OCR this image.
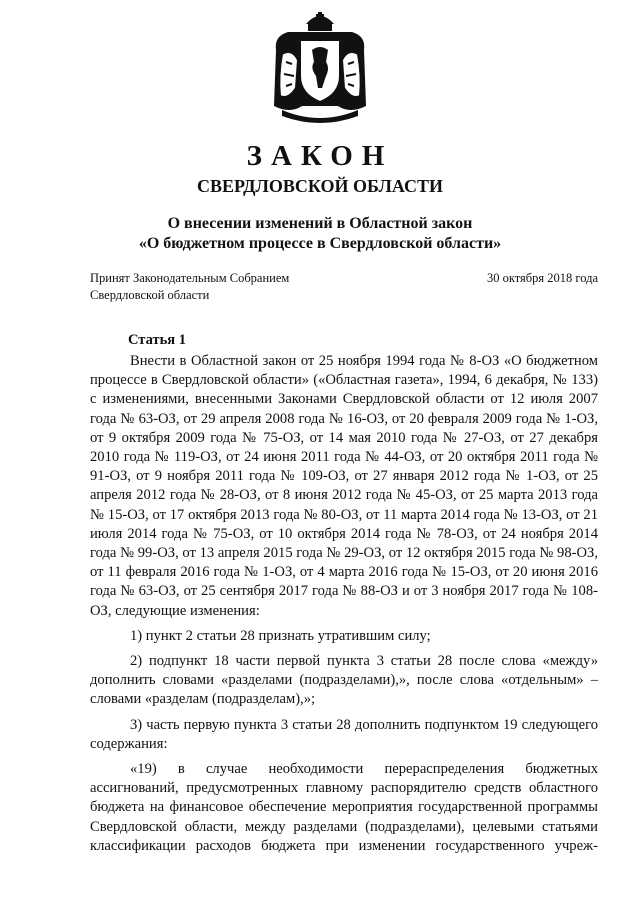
ЗАКОН
СВЕРДЛОВСКОЙ ОБЛАСТИ
О внесении изменений в Областной закон
«О бюджетном процессе в Свердловской области»
Принят Законодательным Собранием
Свердловской области
30 октября 2018 года
Статья 1

Внести в Областной закон от 25 ноября 1994 года № 8-ОЗ «О бюджетном процессе в Свердловской области» («Областная газета», 1994, 6 декабря, № 133) с изменениями, внесенными Законами Свердловской области от 12 июля 2007 года № 63-ОЗ, от 29 апреля 2008 года № 16-ОЗ, от 20 февраля 2009 года № 1-ОЗ, от 9 октября 2009 года № 75-ОЗ, от 14 мая 2010 года № 27-ОЗ, от 27 декабря 2010 года № 119-ОЗ, от 24 июня 2011 года № 44-ОЗ, от 20 октября 2011 года № 91-ОЗ, от 9 ноября 2011 года № 109-ОЗ, от 27 января 2012 года № 1-ОЗ, от 25 апреля 2012 года № 28-ОЗ, от 8 июня 2012 года № 45-ОЗ, от 25 марта 2013 года № 15-ОЗ, от 17 октября 2013 года № 80-ОЗ, от 11 марта 2014 года № 13-ОЗ, от 21 июля 2014 года № 75-ОЗ, от 10 октября 2014 года № 78-ОЗ, от 24 ноября 2014 года № 99-ОЗ, от 13 апреля 2015 года № 29-ОЗ, от 12 октября 2015 года № 98-ОЗ, от 11 февраля 2016 года № 1-ОЗ, от 4 марта 2016 года № 15-ОЗ, от 20 июня 2016 года № 63-ОЗ, от 25 сентября 2017 года № 88-ОЗ и от 3 ноября 2017 года № 108-ОЗ, следующие изменения:

1) пункт 2 статьи 28 признать утратившим силу;

2) подпункт 18 части первой пункта 3 статьи 28 после слова «между» дополнить словами «разделами (подразделами),», после слова «отдельным» – словами «разделам (подразделам),»;

3) часть первую пункта 3 статьи 28 дополнить подпунктом 19 следующего содержания:

«19) в случае необходимости перераспределения бюджетных ассигнований, предусмотренных главному распорядителю средств областного бюджета на финансовое обеспечение мероприятия государственной программы Свердловской области, между разделами (подразделами), целевыми статьями классификации расходов бюджета при изменении государственного учреж-
